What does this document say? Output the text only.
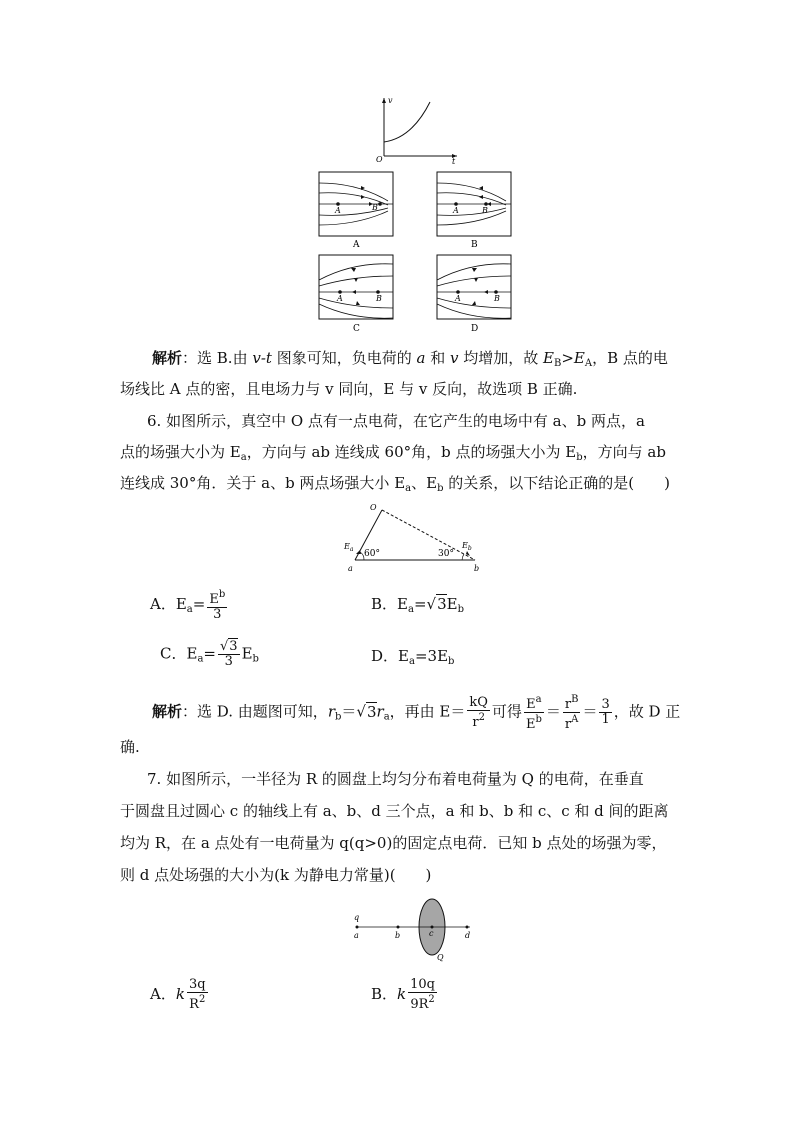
v
t
O
A	B
A
A	B
B
A	B
C
A	B
D
解析：选 B.由 v-t 图象可知，负电荷的 a 和 v 均增加，故 $E_B>E_A$，B 点的电
场线比 A 点的密，且电场力与 v 同向，E 与 v 反向，故选项 B 正确.
6. 如图所示，真空中 O 点有一点电荷，在它产生的电场中有 a、b 两点，a
点的场强大小为 $E_a$，方向与 ab 连线成 60°角，b 点的场强大小为 $E_b$，方向与 ab
连线成 30°角．关于 a、b 两点场强大小 $E_a$、$E_b$ 的关系，以下结论正确的是(　　)
O
a	b
$E_a$	$E_b$
60°	30°
A．$E_a= \frac{E^b}{3}$	B．$E_a=√3E_b$
C．$E_a= \frac{√3}{3} E_b$	D．$E_a=3E_b$
解析：选 D. 由题图可知，$r_b=√3r_a$，再由 $E= \frac{kQ}{r^2}$ 可得 $\frac{E^a}{E^b} = \frac{r^B}{r^A} = \frac{3}{1}$ ，故 D 正
确.
7. 如图所示，一半径为 R 的圆盘上均匀分布着电荷量为 Q 的电荷，在垂直
于圆盘且过圆心 c 的轴线上有 a、b、d 三个点，a 和 b、b 和 c、c 和 d 间的距离
均为 R，在 a 点处有一电荷量为 q(q>0)的固定点电荷．已知 b 点处的场强为零，
则 d 点处场强的大小为(k 为静电力常量)(　　)
q
a	b	c	d
Q
A．k $\frac{3q}{R^2}$	B．k $\frac{10q}{9R^2}$
